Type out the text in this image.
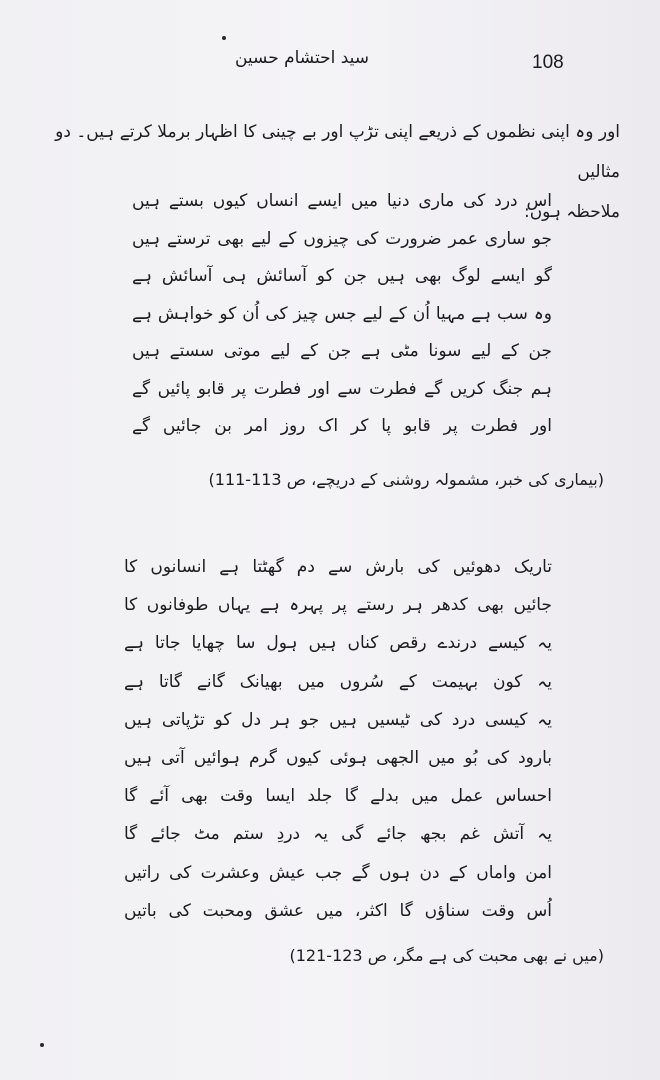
108
سید احتشام حسین
اور وہ اپنی نظموں کے ذریعے اپنی تڑپ اور بے چینی کا اظہار برملا کرتے ہیں۔ دو مثالیں
ملاحظہ ہوں:
اس درد کی ماری دنیا میں ایسے انساں کیوں بستے ہیں
جو ساری عمر ضرورت کی چیزوں کے لیے بھی ترستے ہیں
گو ایسے لوگ بھی ہیں جن کو آسائش ہی آسائش ہے
وہ سب ہے مہیا اُن کے لیے جس چیز کی اُن کو خواہش ہے
جن کے لیے سونا مٹی ہے جن کے لیے موتی سستے ہیں
ہم جنگ کریں گے فطرت سے اور فطرت پر قابو پائیں گے
اور فطرت پر قابو پا کر اک روز امر بن جائیں گے
(بیماری کی خبر، مشمولہ روشنی کے دریچے، ص 113-111)
تاریک دھوئیں کی بارش سے دم گھٹتا ہے انسانوں کا
جائیں بھی کدھر ہر رستے پر پہرہ ہے یہاں طوفانوں کا
یہ کیسے درندے رقص کناں ہیں ہول سا چھایا جاتا ہے
یہ کون بہیمت کے سُروں میں بھیانک گانے گاتا ہے
یہ کیسی درد کی ٹیسیں ہیں جو ہر دل کو تڑپاتی ہیں
بارود کی بُو میں الجھی ہوئی کیوں گرم ہوائیں آتی ہیں
احساس عمل میں بدلے گا جلد ایسا وقت بھی آئے گا
یہ آتش غم بجھ جائے گی یہ دردِ ستم مٹ جائے گا
امن واماں کے دن ہوں گے جب عیش وعشرت کی راتیں
اُس وقت سناؤں گا اکثر، میں عشق ومحبت کی باتیں
(میں نے بھی محبت کی ہے مگر، ص 123-121)
